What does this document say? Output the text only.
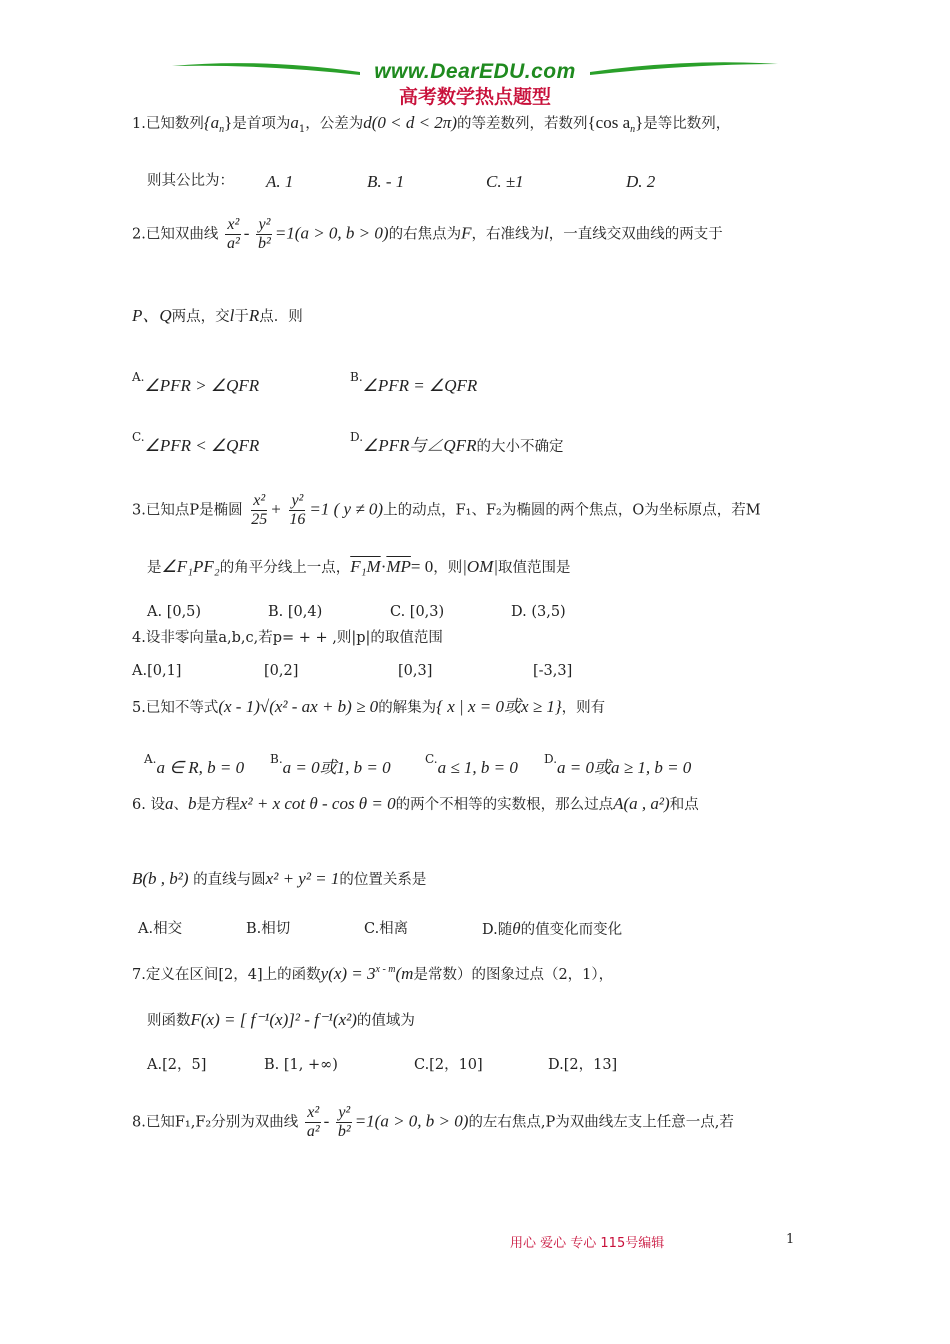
www.DearEDU.com
高考数学热点题型
1.已知数列$\{a_n\}$是首项为$a_1$，公差为d(0 < d < 2π)的等差数列，若数列{cos $a_n$}是等比数列，
则其公比为： A. 1	B. - 1	C. ±1	D. 2
2.已知双曲线 $\frac{\text{x²}}{\text{a²}} - \frac{\text{y²}}{\text{b²}} =1(a > 0$, b > 0)的右焦点为F，右准线为l，一直线交双曲线的两支于
P、Q两点，交l于R点．则
$^{A.}$∠PFR > ∠QFR	$^{B.}$∠PFR = ∠QFR
$^{C.}$∠PFR < ∠QFR	$^{D.}$∠PFR与∠QFR的大小不确定
3.已知点P是椭圆 $\frac{\text{x²}}{25} + \frac{\text{y²}}{16} =1$ ( y ≠ 0)上的动点，F₁、F₂为椭圆的两个焦点，O为坐标原点，若M
是∠F₁PF₂的角平分线上一点，$F_1M\cdot\overline{MP}= 0$，则|OM|取值范围是
A. [0,5)	B. [0,4)	C. [0,3)	D. (3,5)
4.设非零向量a,b,c,若p= + + ,则|p|的取值范围
A.[0,1]	[0,2]	[0,3]	[-3,3]
5.已知不等式(x - 1)√(x² - ax + b) ≥ 0的解集为{ x | x = 0或x ≥ 1}，则有
$^{A.}$a ∈ R, b = 0 $^{B.}$a = 0或1, b = 0	$^{C.}$a ≤ 1, b = 0 $^{D.}$a = 0或a ≥ 1, b = 0
6. 设a、b是方程x² + x cot θ - cos θ = 0的两个不相等的实数根，那么过点A(a , a²)和点
B(b , b²) 的直线与圆x² + y² = 1的位置关系是
A.相交	B.相切	C.相离	D.随θ的值变化而变化
7.定义在区间[2，4]上的函数$y(x) = 3^{x - m}(m$是常数）的图象过点（2，1），
则函数F(x) = [ f⁻¹(x)]² - f⁻¹(x²)的值域为
A.[2，5]	B. [1, +∞)	C.[2，10]	D.[2，13]
8.已知F₁,F₂分别为双曲线 $\frac{\text{x²}}{\text{a²}} - \frac{\text{y²}}{\text{b²}} =1(a > 0$, b > 0)的左右焦点,P为双曲线左支上任意一点,若
用心 爱心 专心 115号编辑	1
